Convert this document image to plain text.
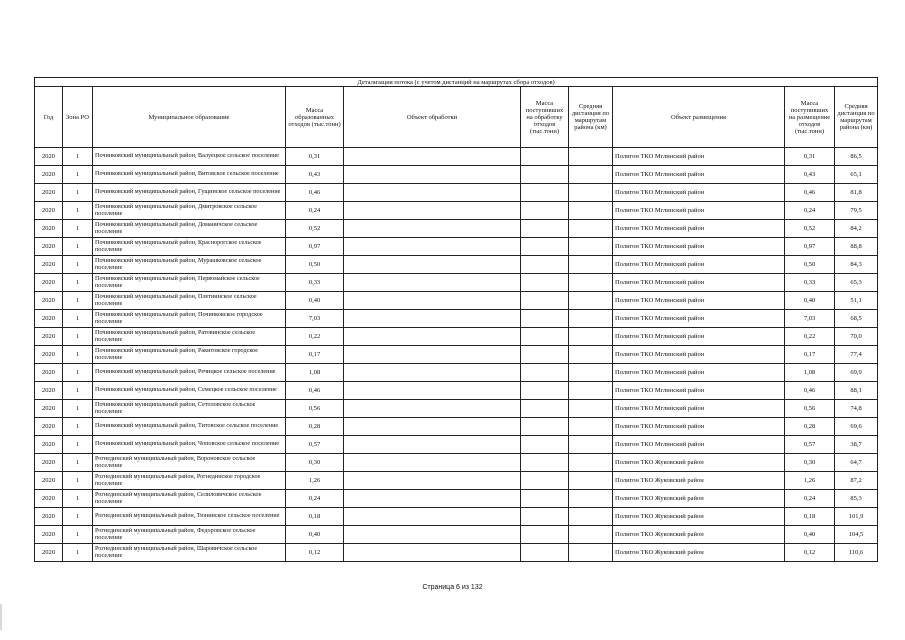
Детализация потока (с учетом дистанций на маршрутах сбора отходов)									
Год	Зона РО	Муниципальное образование	Масса образованных отходов (тыс.тонн)	Объект обработки	Масса поступивших на обработку отходов (тыс.тонн)	Средняя дистанция по маршрутам района (км)	Объект размещения	Масса поступивших на размещение отходов (тыс.тонн)	Средняя дистанция по маршрутам района (км)
2020	1	Починковский муниципальный район, Валуецкое сельское поселение	0,31				Полигон ТКО Мглинский район	0,31	86,5
2020	1	Починковский муниципальный район, Витовское сельское поселение	0,43				Полигон ТКО Мглинский район	0,43	65,1
2020	1	Починковский муниципальный район, Гущинское сельское поселение	0,46				Полигон ТКО Мглинский район	0,46	81,8
2020	1	Починковский муниципальный район, Дмитровское сельское поселение	0,24				Полигон ТКО Мглинский район	0,24	79,5
2020	1	Починковский муниципальный район, Доманичское сельское поселение	0,52				Полигон ТКО Мглинский район	0,52	84,2
2020	1	Починковский муниципальный район, Краснорогское сельское поселение	0,97				Полигон ТКО Мглинский район	0,97	88,8
2020	1	Починковский муниципальный район, Мурашковское сельское поселение	0,50				Полигон ТКО Мглинский район	0,50	84,3
2020	1	Починковский муниципальный район, Первомайское сельское поселение	0,33				Полигон ТКО Мглинский район	0,33	65,3
2020	1	Починковский муниципальный район, Плетнинское сельское поселение	0,40				Полигон ТКО Мглинский район	0,40	51,1
2020	1	Починковский муниципальный район, Починковское городское поселение	7,03				Полигон ТКО Мглинский район	7,03	68,5
2020	1	Починковский муниципальный район, Ратовинское сельское поселение	0,22				Полигон ТКО Мглинский район	0,22	70,0
2020	1	Починковский муниципальный район, Ракитовское городское поселение	0,17				Полигон ТКО Мглинский район	0,17	77,4
2020	1	Починковский муниципальный район, Речицкое сельское поселение	1,08				Полигон ТКО Мглинский район	1,08	69,9
2020	1	Починковский муниципальный район, Семецкое сельское поселение	0,46				Полигон ТКО Мглинский район	0,46	88,1
2020	1	Починковский муниципальный район, Сетоловское сельское поселение	0,56				Полигон ТКО Мглинский район	0,56	74,8
2020	1	Починковский муниципальный район, Титовское сельское поселение	0,28				Полигон ТКО Мглинский район	0,28	69,6
2020	1	Починковский муниципальный район, Чоповское сельское поселение	0,57				Полигон ТКО Мглинский район	0,57	38,7
2020	1	Рогнединский муниципальный район, Вороновское сельское поселение	0,30				Полигон ТКО Жуковский район	0,30	64,7
2020	1	Рогнединский муниципальный район, Рогнединское городское поселение	1,26				Полигон ТКО Жуковский район	1,26	87,2
2020	1	Рогнединский муниципальный район, Селиловичское сельское поселение	0,24				Полигон ТКО Жуковский район	0,24	85,3
2020	1	Рогнединский муниципальный район, Тюнинское сельское поселение	0,18				Полигон ТКО Жуковский район	0,18	101,9
2020	1	Рогнединский муниципальный район, Федоровское сельское поселение	0,40				Полигон ТКО Жуковский район	0,40	104,5
2020	1	Рогнединский муниципальный район, Шаровичское сельское поселение	0,12				Полигон ТКО Жуковский район	0,12	110,6
Страница 6 из 132
